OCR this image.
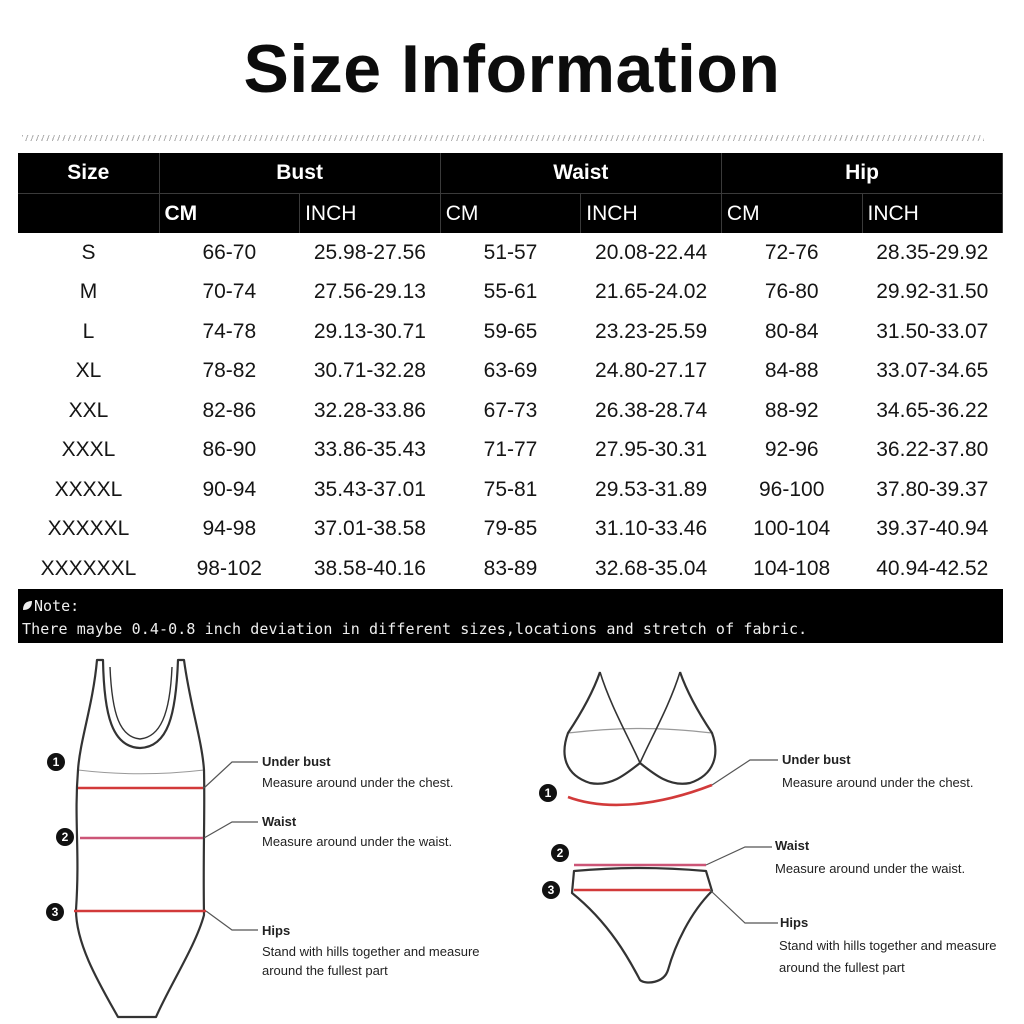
Size Information
Size	Bust		Waist		Hip	
	CM	INCH	CM	INCH	CM	INCH
S	66-70	25.98-27.56	51-57	20.08-22.44	72-76	28.35-29.92
M	70-74	27.56-29.13	55-61	21.65-24.02	76-80	29.92-31.50
L	74-78	29.13-30.71	59-65	23.23-25.59	80-84	31.50-33.07
XL	78-82	30.71-32.28	63-69	24.80-27.17	84-88	33.07-34.65
XXL	82-86	32.28-33.86	67-73	26.38-28.74	88-92	34.65-36.22
XXXL	86-90	33.86-35.43	71-77	27.95-30.31	92-96	36.22-37.80
XXXXL	90-94	35.43-37.01	75-81	29.53-31.89	96-100	37.80-39.37
XXXXXL	94-98	37.01-38.58	79-85	31.10-33.46	100-104	39.37-40.94
XXXXXXL	98-102	38.58-40.16	83-89	32.68-35.04	104-108	40.94-42.52
Note:
There maybe 0.4-0.8 inch deviation in different sizes,locations and stretch of fabric.
1
2
3
Under bust
Measure around under the chest.
Waist
Measure around under the waist.
Hips
Stand with hills together and measure
around the fullest part
1
2
3
Under bust
Measure around under the chest.
Waist
Measure around under the waist.
Hips
Stand with hills together and measure
around the fullest part
